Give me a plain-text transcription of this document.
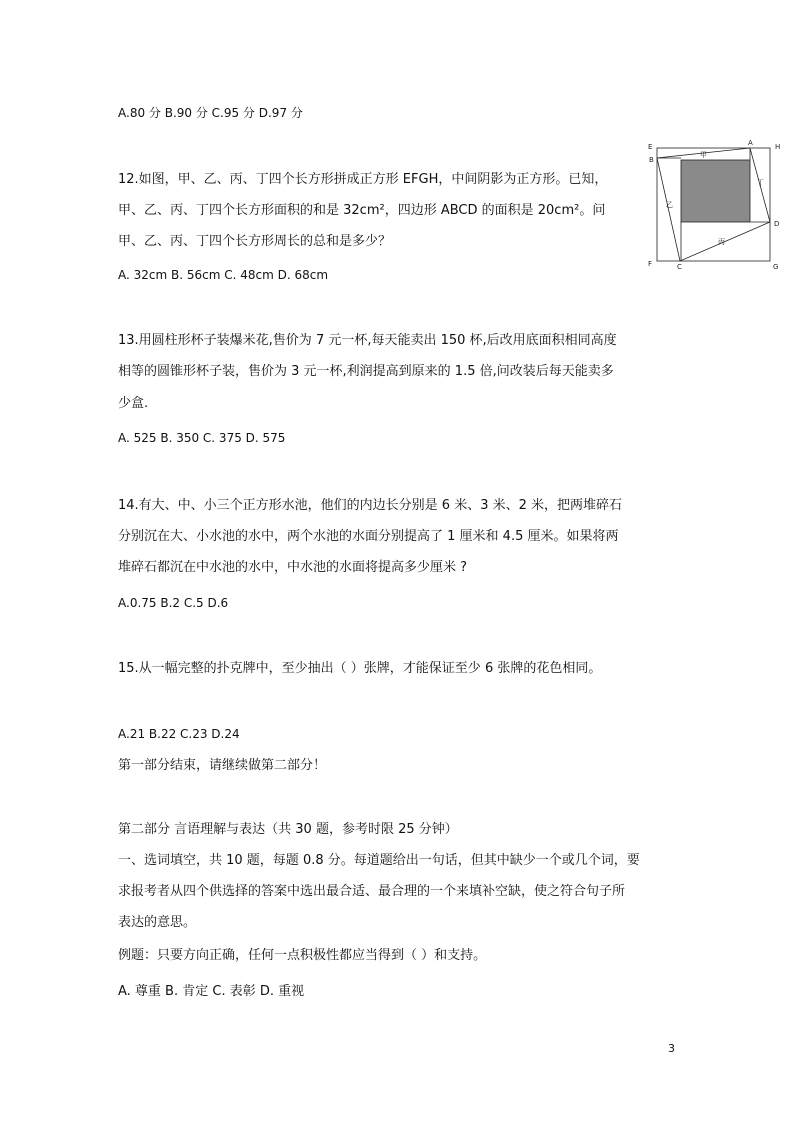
A.80 分 B.90 分 C.95 分 D.97 分
12.如图，甲、乙、丙、丁四个长方形拼成正方形 EFGH，中间阴影为正方形。已知，
甲、乙、丙、丁四个长方形面积的和是 32cm²，四边形 ABCD 的面积是 20cm²。问
甲、乙、丙、丁四个长方形周长的总和是多少？
A. 32cm B. 56cm C. 48cm D. 68cm
E	H
A
B
D
F	C	G
甲
乙
丙
丁
13.用圆柱形杯子装爆米花,售价为 7 元一杯,每天能卖出 150 杯,后改用底面积相同高度
相等的圆锥形杯子装，售价为 3 元一杯,利润提高到原来的 1.5 倍,问改装后每天能卖多
少盒.
A. 525 B. 350 C. 375 D. 575
14.有大、中、小三个正方形水池，他们的内边长分别是 6 米、3 米、2 米，把两堆碎石
分别沉在大、小水池的水中，两个水池的水面分别提高了 1 厘米和 4.5 厘米。如果将两
堆碎石都沉在中水池的水中，中水池的水面将提高多少厘米 ?
A.0.75 B.2 C.5 D.6
15.从一幅完整的扑克牌中，至少抽出（ ）张牌，才能保证至少 6 张牌的花色相同。
A.21 B.22 C.23 D.24
第一部分结束，请继续做第二部分！
第二部分 言语理解与表达（共 30 题，参考时限 25 分钟）
一、选词填空，共 10 题，每题 0.8 分。每道题给出一句话，但其中缺少一个或几个词，要
求报考者从四个供选择的答案中选出最合适、最合理的一个来填补空缺，使之符合句子所
表达的意思。
例题：只要方向正确，任何一点积极性都应当得到（ ）和支持。
A. 尊重 B. 肯定 C. 表彰 D. 重视
3
